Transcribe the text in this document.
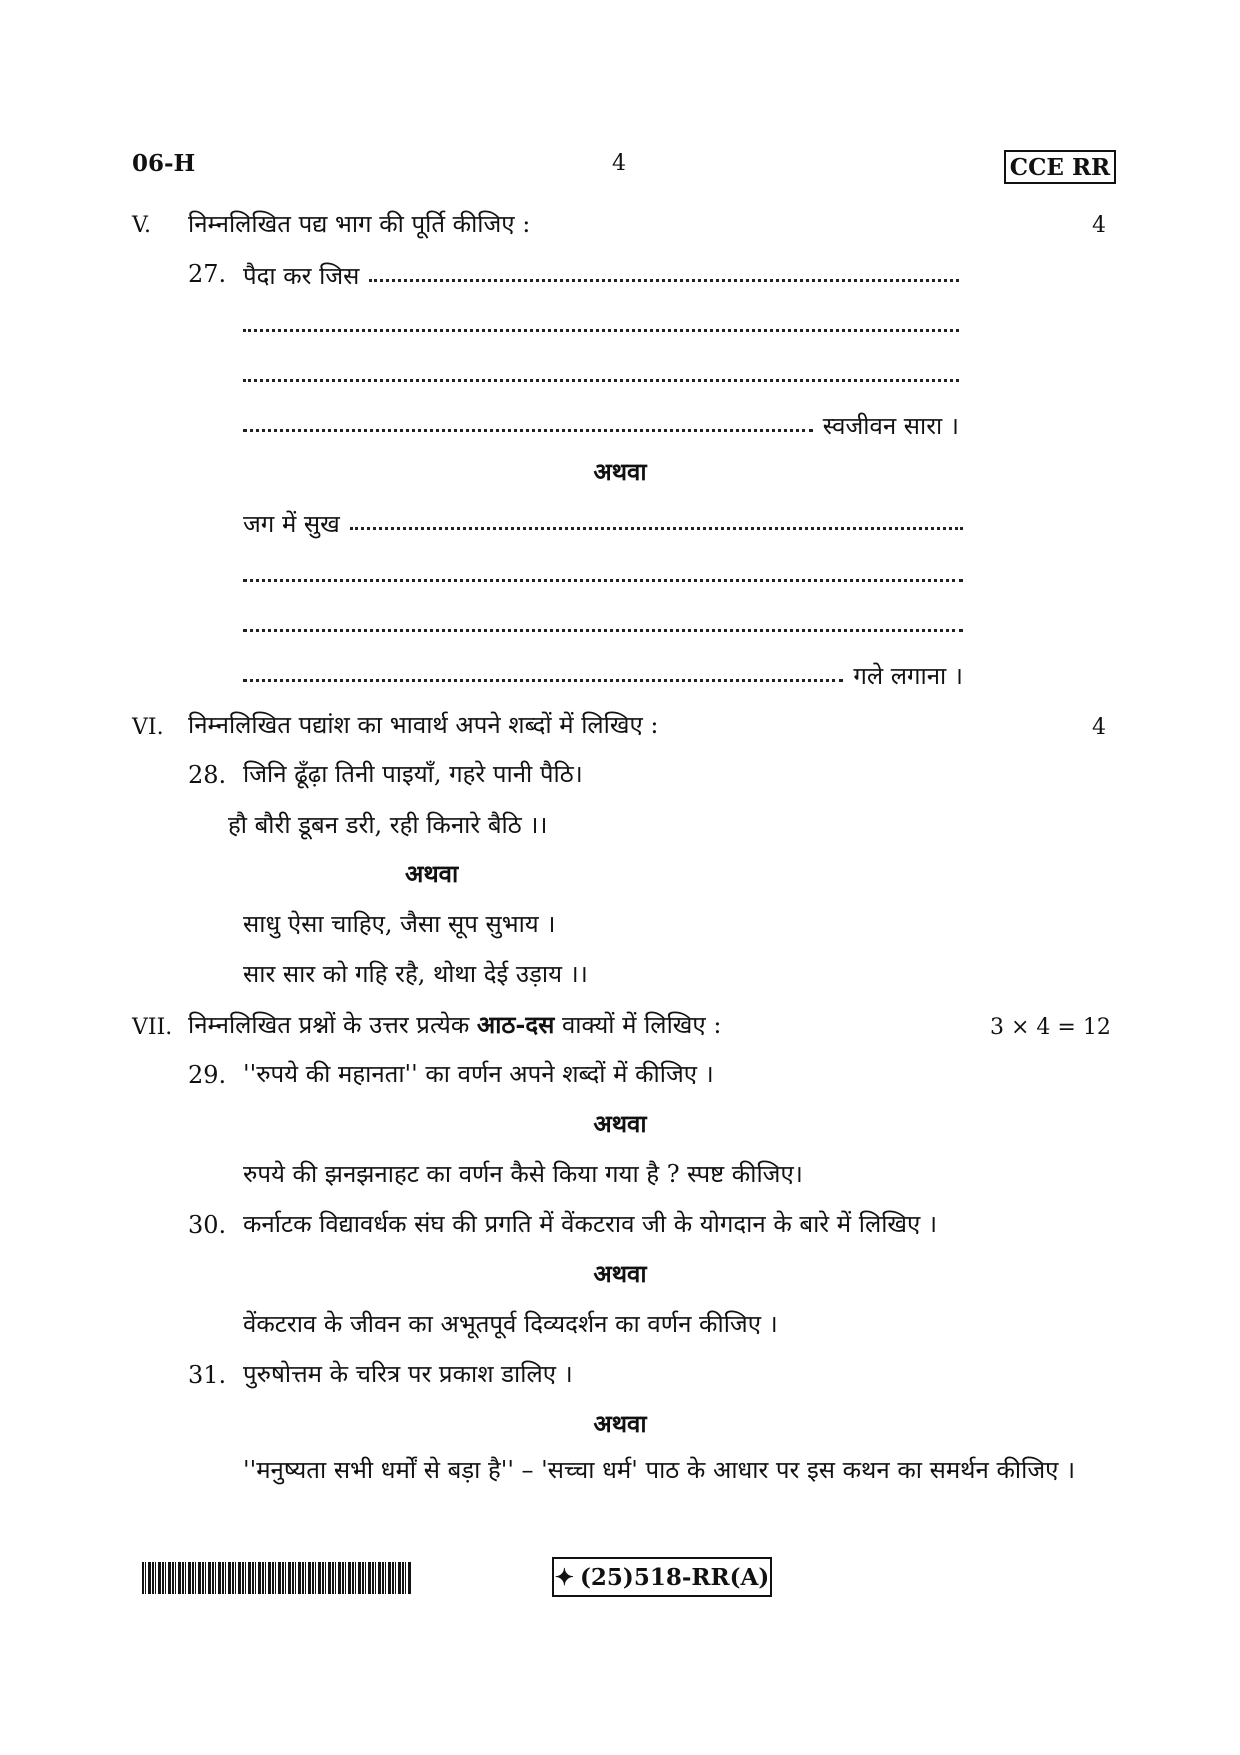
06-H	4	CCE RR
V. निम्नलिखित पद्य भाग की पूर्ति कीजिए :	4
27. पैदा कर जिस
स्वजीवन सारा ।
अथवा
जग में सुख
गले लगाना ।
VI. निम्नलिखित पद्यांश का भावार्थ अपने शब्दों में लिखिए :	4
28. जिनि ढूँढ़ा तिनी पाइयाँ, गहरे पानी पैठि।
हौ बौरी डूबन डरी, रही किनारे बैठि ।।
अथवा
साधु ऐसा चाहिए, जैसा सूप सुभाय ।
सार सार को गहि रहै, थोथा देई उड़ाय ।।
VII. निम्नलिखित प्रश्नों के उत्तर प्रत्येक आठ-दस वाक्यों में लिखिए :	3 × 4 = 12
29. ''रुपये की महानता'' का वर्णन अपने शब्दों में कीजिए ।
अथवा
रुपये की झनझनाहट का वर्णन कैसे किया गया है ? स्पष्ट कीजिए।
30. कर्नाटक विद्यावर्धक संघ की प्रगति में वेंकटराव जी के योगदान के बारे में लिखिए ।
अथवा
वेंकटराव के जीवन का अभूतपूर्व दिव्यदर्शन का वर्णन कीजिए ।
31. पुरुषोत्तम के चरित्र पर प्रकाश डालिए ।
अथवा
''मनुष्यता सभी धर्मों से बड़ा है'' – 'सच्चा धर्म' पाठ के आधार पर इस कथन का समर्थन कीजिए ।
✦ (25)518-RR(A)
